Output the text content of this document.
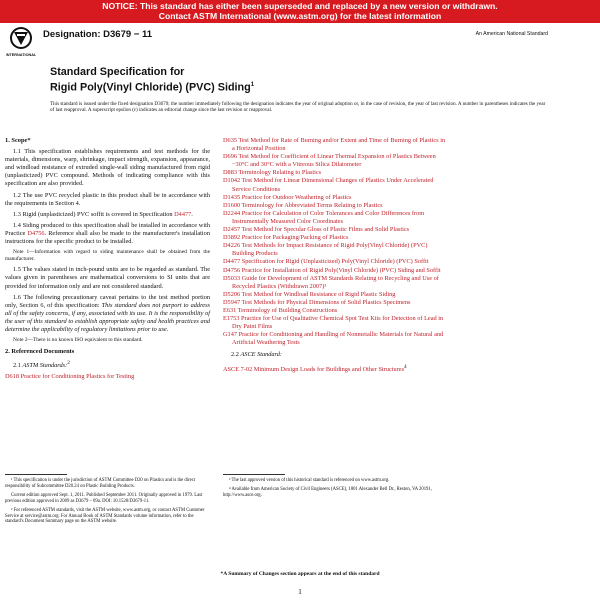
NOTICE: This standard has either been superseded and replaced by a new version or withdrawn.
Contact ASTM International (www.astm.org) for the latest information
INTERNATIONAL
Designation: D3679 − 11	An American National Standard
Standard Specification for
Rigid Poly(Vinyl Chloride) (PVC) Siding$^1$
This standard is issued under the fixed designation D3679; the number immediately following the designation indicates the year of original adoption or, in the case of revision, the year of last revision. A number in parentheses indicates the year of last reapproval. A superscript epsilon (ε) indicates an editorial change since the last revision or reapproval.
1. Scope*

1.1 This specification establishes requirements and test methods for the materials, dimensions, warp, shrinkage, impact strength, expansion, appearance, and windload resistance of extruded single-wall siding manufactured from rigid (unplasticized) PVC compound. Methods of indicating compliance with this specification are also provided.

1.2 The use PVC recycled plastic in this product shall be in accordance with the requirements in Section 4.

1.3 Rigid (unplasticized) PVC soffit is covered in Specification D4477.

1.4 Siding produced to this specification shall be installed in accordance with Practice D4756. Reference shall also be made to the manufacturer's installation instructions for the specific product to be installed.

Note 1—Information with regard to siding maintenance shall be obtained from the manufacturer.

1.5 The values stated in inch-pound units are to be regarded as standard. The values given in parentheses are mathematical conversions to SI units that are provided for information only and are not considered standard.

1.6 The following precautionary caveat pertains to the test method portion only, Section 6, of this specification: This standard does not purport to address all of the safety concerns, if any, associated with its use. It is the responsibility of the user of this standard to establish appropriate safety and health practices and determine the applicability of regulatory limitations prior to use.

Note 2—There is no known ISO equivalent to this standard.

2. Referenced Documents

2.1 ASTM Standards:$^2$

D618 Practice for Conditioning Plastics for Testing

D635 Test Method for Rate of Burning and/or Extent and Time of Burning of Plastics in a Horizontal Position

D696 Test Method for Coefficient of Linear Thermal Expansion of Plastics Between −30°C and 30°C with a Vitreous Silica Dilatometer

D883 Terminology Relating to Plastics

D1042 Test Method for Linear Dimensional Changes of Plastics Under Accelerated Service Conditions

D1435 Practice for Outdoor Weathering of Plastics

D1600 Terminology for Abbreviated Terms Relating to Plastics

D2244 Practice for Calculation of Color Tolerances and Color Differences from Instrumentally Measured Color Coordinates

D2457 Test Method for Specular Gloss of Plastic Films and Solid Plastics

D3892 Practice for Packaging/Packing of Plastics

D4226 Test Methods for Impact Resistance of Rigid Poly(Vinyl Chloride) (PVC) Building Products

D4477 Specification for Rigid (Unplasticized) Poly(Vinyl Chloride) (PVC) Soffit

D4756 Practice for Installation of Rigid Poly(Vinyl Chloride) (PVC) Siding and Soffit

D5033 Guide for Development of ASTM Standards Relating to Recycling and Use of Recycled Plastics (Withdrawn 2007)³

D5206 Test Method for Windload Resistance of Rigid Plastic Siding

D5947 Test Methods for Physical Dimensions of Solid Plastics Specimens

E631 Terminology of Building Constructions

E1753 Practice for Use of Qualitative Chemical Spot Test Kits for Detection of Lead in Dry Paint Films

G147 Practice for Conditioning and Handling of Nonmetallic Materials for Natural and Artificial Weathering Tests

2.2 ASCE Standard:

ASCE 7-02 Minimum Design Loads for Buildings and Other Structures$^4$

¹ This specification is under the jurisdiction of ASTM Committee D20 on Plastics and is the direct responsibility of Subcommittee D20.24 on Plastic Building Products.

Current edition approved Sept. 1, 2011. Published September 2011. Originally approved in 1979. Last previous edition approved in 2009 as D3679 – 09a. DOI: 10.1520/D3679-11.

² For referenced ASTM standards, visit the ASTM website, www.astm.org, or contact ASTM Customer Service at service@astm.org. For Annual Book of ASTM Standards volume information, refer to the standard's Document Summary page on the ASTM website.

³ The last approved version of this historical standard is referenced on www.astm.org.

⁴ Available from American Society of Civil Engineers (ASCE), 1801 Alexander Bell Dr., Reston, VA 20191, http://www.asce.org.

*A Summary of Changes section appears at the end of this standard
1
